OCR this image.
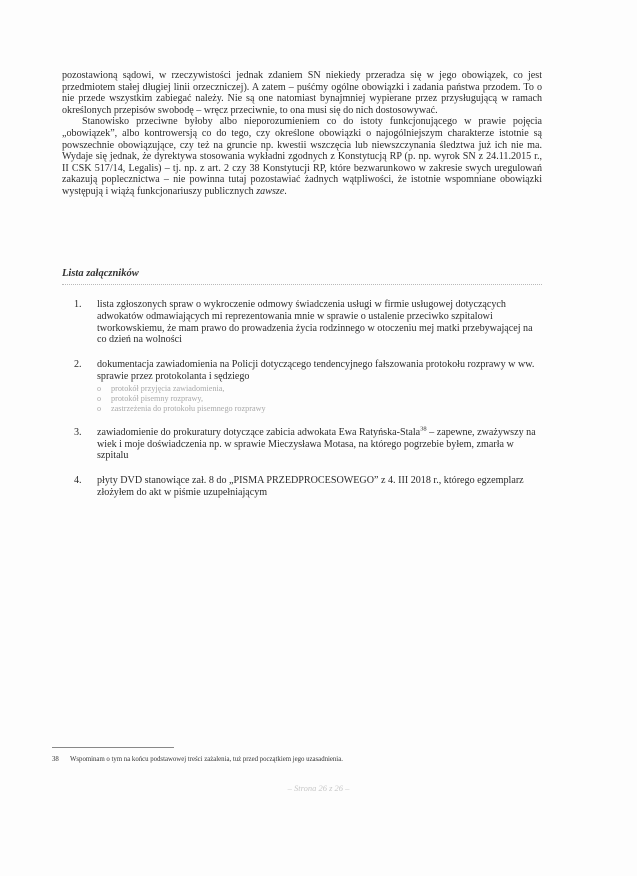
pozostawioną sądowi, w rzeczywistości jednak zdaniem SN niekiedy przeradza się w jego obowiązek, co jest przedmiotem stałej długiej linii orzeczniczej). A zatem – puśćmy ogólne obowiązki i zadania państwa przodem. To o nie przede wszystkim zabiegać należy. Nie są one natomiast bynajmniej wypierane przez przysługującą w ramach określonych przepisów swobodę – wręcz przeciwnie, to ona musi się do nich dostosowywać.

Stanowisko przeciwne byłoby albo nieporozumieniem co do istoty funkcjonującego w prawie pojęcia „obowiązek”, albo kontrowersją co do tego, czy określone obowiązki o najogólniejszym charakterze istotnie są powszechnie obowiązujące, czy też na gruncie np. kwestii wszczęcia lub niewszczynania śledztwa już ich nie ma. Wydaje się jednak, że dyrektywa stosowania wykładni zgodnych z Konstytucją RP (p. np. wyrok SN z 24.11.2015 r., II CSK 517/14, Legalis) – tj. np. z art. 2 czy 38 Konstytucji RP, które bezwarunkowo w zakresie swych uregulowań zakazują poplecznictwa – nie powinna tutaj pozostawiać żadnych wątpliwości, że istotnie wspomniane obowiązki występują i wiążą funkcjonariuszy publicznych zawsze.

Lista załączników
1. lista zgłoszonych spraw o wykroczenie odmowy świadczenia usługi w firmie usługowej dotyczących adwokatów odmawiających mi reprezentowania mnie w sprawie o ustalenie przeciwko szpitalowi tworkowskiemu, że mam prawo do prowadzenia życia rodzinnego w otoczeniu mej matki przebywającej na co dzień na wolności
2. dokumentacja zawiadomienia na Policji dotyczącego tendencyjnego fałszowania protokołu rozprawy w ww. sprawie przez protokolanta i sędziego
o protokół przyjęcia zawiadomienia,
o protokół pisemny rozprawy,
o zastrzeżenia do protokołu pisemnego rozprawy
3. zawiadomienie do prokuratury dotyczące zabicia adwokata Ewa Ratyńska-Stala$^{38}$ – zapewne, zważywszy na wiek i moje doświadczenia np. w sprawie Mieczysława Motasa, na którego pogrzebie byłem, zmarła w szpitalu
4. płyty DVD stanowiące zał. 8 do „PISMA PRZEDPROCESOWEGO” z 4. III 2018 r., którego egzemplarz złożyłem do akt w piśmie uzupełniającym
38 Wspominam o tym na końcu podstawowej treści zażalenia, tuż przed początkiem jego uzasadnienia.
– Strona 26 z 26 –
